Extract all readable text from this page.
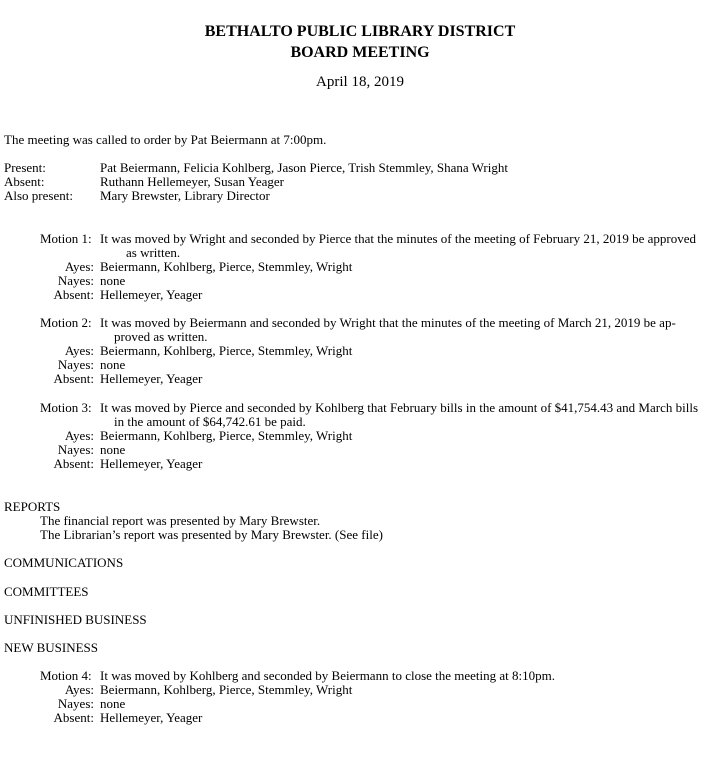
BETHALTO PUBLIC LIBRARY DISTRICT
BOARD MEETING
April 18, 2019
The meeting was called to order by Pat Beiermann at 7:00pm.
Present:	Pat Beiermann, Felicia Kohlberg, Jason Pierce, Trish Stemmley, Shana Wright
Absent:	Ruthann Hellemeyer, Susan Yeager
Also present: Mary Brewster, Library Director
Motion 1: It was moved by Wright and seconded by Pierce that the minutes of the meeting of February 21, 2019 be approved
as written.
Ayes: Beiermann, Kohlberg, Pierce, Stemmley, Wright
Nayes: none
Absent: Hellemeyer, Yeager
Motion 2: It was moved by Beiermann and seconded by Wright that the minutes of the meeting of March 21, 2019 be ap-
proved as written.
Ayes: Beiermann, Kohlberg, Pierce, Stemmley, Wright
Nayes: none
Absent: Hellemeyer, Yeager
Motion 3: It was moved by Pierce and seconded by Kohlberg that February bills in the amount of $41,754.43 and March bills
in the amount of $64,742.61 be paid.
Ayes: Beiermann, Kohlberg, Pierce, Stemmley, Wright
Nayes: none
Absent: Hellemeyer, Yeager
REPORTS
The financial report was presented by Mary Brewster.
The Librarian’s report was presented by Mary Brewster. (See file)
COMMUNICATIONS
COMMITTEES
UNFINISHED BUSINESS
NEW BUSINESS
Motion 4: It was moved by Kohlberg and seconded by Beiermann to close the meeting at 8:10pm.
Ayes: Beiermann, Kohlberg, Pierce, Stemmley, Wright
Nayes: none
Absent: Hellemeyer, Yeager
